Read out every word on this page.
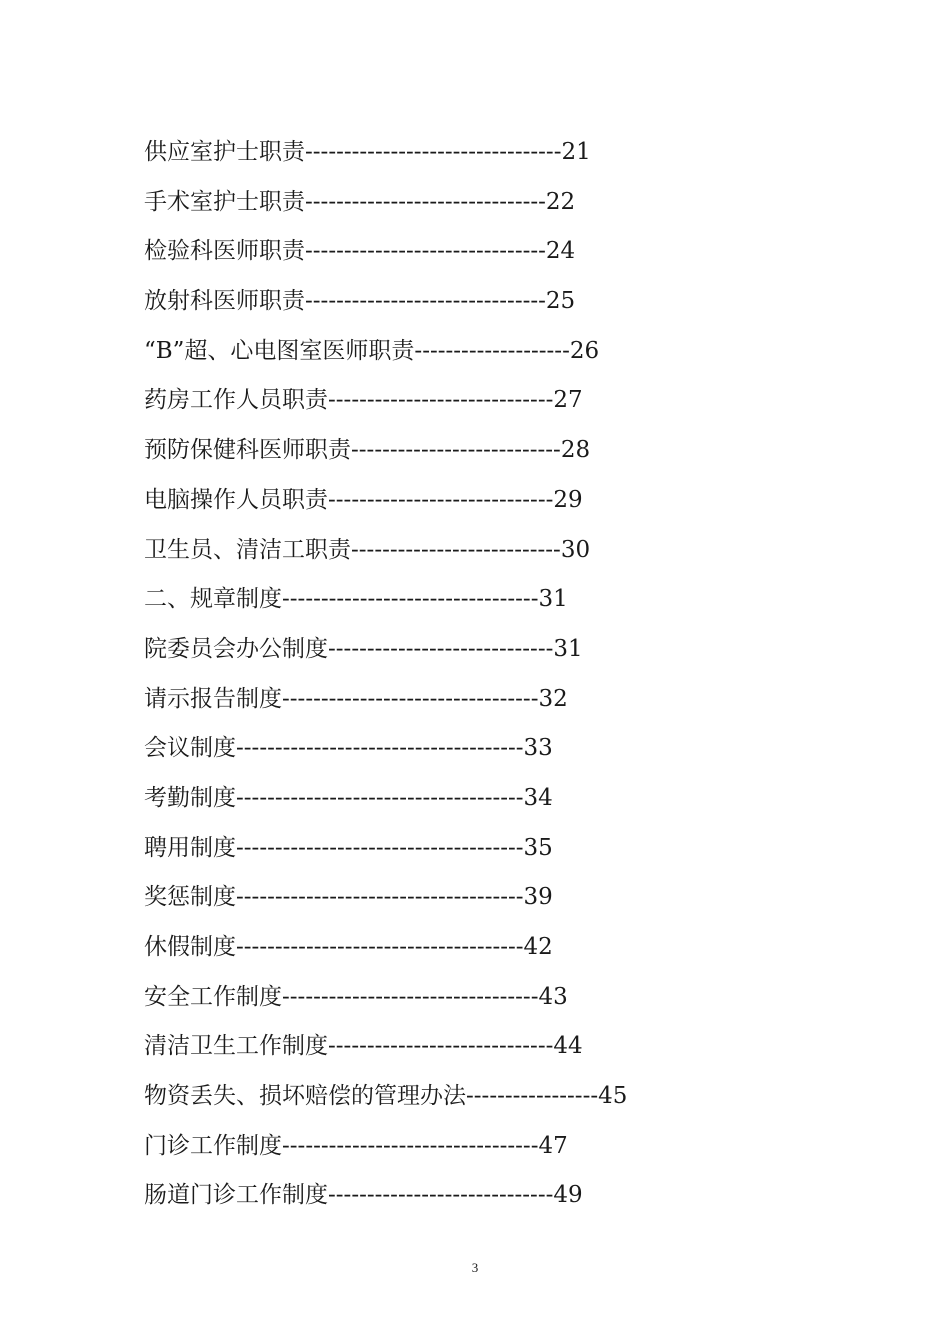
供应室护士职责 --------------------------------- 21
手术室护士职责 ------------------------------- 22
检验科医师职责 ------------------------------- 24
放射科医师职责 ------------------------------- 25
“B”超、心电图室医师职责 -------------------- 26
药房工作人员职责 ----------------------------- 27
预防保健科医师职责 --------------------------- 28
电脑操作人员职责 ----------------------------- 29
卫生员、清洁工职责 --------------------------- 30
二、规章制度 --------------------------------- 31
院委员会办公制度 ----------------------------- 31
请示报告制度 --------------------------------- 32
会议制度 ------------------------------------- 33
考勤制度 ------------------------------------- 34
聘用制度 ------------------------------------- 35
奖惩制度 ------------------------------------- 39
休假制度 ------------------------------------- 42
安全工作制度 --------------------------------- 43
清洁卫生工作制度 ----------------------------- 44
物资丢失、损坏赔偿的管理办法 ----------------- 45
门诊工作制度 --------------------------------- 47
肠道门诊工作制度 ----------------------------- 49
3
